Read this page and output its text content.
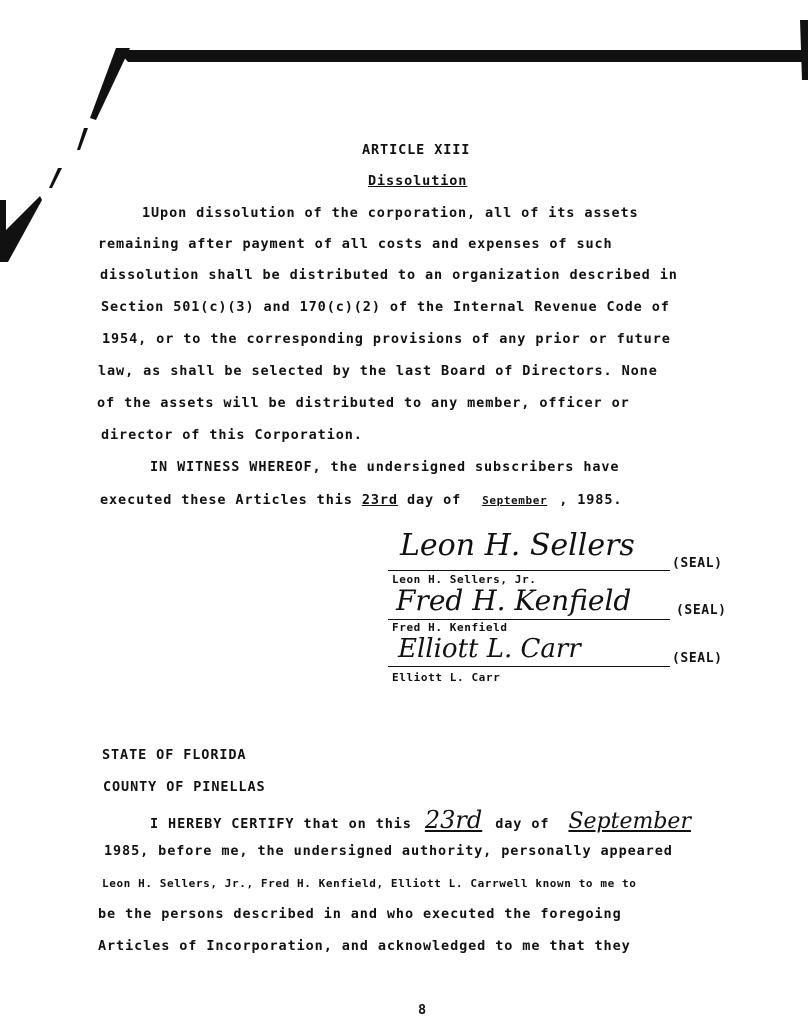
ARTICLE XIII
Dissolution
1Upon dissolution of the corporation, all of its assets
remaining after payment of all costs and expenses of such
dissolution shall be distributed to an organization described in
Section 501(c)(3) and 170(c)(2) of the Internal Revenue Code of
1954, or to the corresponding provisions of any prior or future
law, as shall be selected by the last Board of Directors. None
of the assets will be distributed to any member, officer or
director of this Corporation.
IN WITNESS WHEREOF, the undersigned subscribers have
executed these Articles this 23rd day of September , 1985.
Leon H. Sellers
(SEAL)
Leon H. Sellers, Jr.
Fred H. Kenfield	(SEAL)
Fred H. Kenfield
Elliott L. Carr	(SEAL)
Elliott L. Carr
STATE OF FLORIDA
COUNTY OF PINELLAS
I HEREBY CERTIFY that on this 23rd day of September
1985, before me, the undersigned authority, personally appeared
Leon H. Sellers, Jr., Fred H. Kenfield, Elliott L. Carrwell known to me to
be the persons described in and who executed the foregoing
Articles of Incorporation, and acknowledged to me that they
8
